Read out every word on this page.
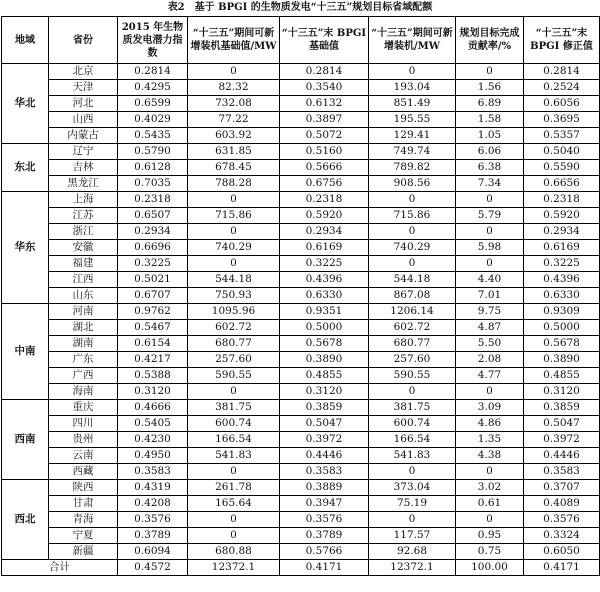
表2　基于 BPGI 的生物质发电“十三五”规划目标省域配额
地域	省份	2015 年生物质发电潜力指数	“十三五”期间可新增装机基础值/MW	“十三五”末 BPGI 基础值	“十三五”期间可新增装机/MW	规划目标完成贡献率/%	“十三五”末 BPGI 修正值
华北	北京	0.2814	0	0.2814	0	0	0.2814
	天津	0.4295	82.32	0.3540	193.04	1.56	0.2524
	河北	0.6599	732.08	0.6132	851.49	6.89	0.6056
	山西	0.4029	77.22	0.3897	195.55	1.58	0.3695
	内蒙古	0.5435	603.92	0.5072	129.41	1.05	0.5357
东北	辽宁	0.5790	631.85	0.5160	749.74	6.06	0.5040
	吉林	0.6128	678.45	0.5666	789.82	6.38	0.5590
	黑龙江	0.7035	788.28	0.6756	908.56	7.34	0.6656
华东	上海	0.2318	0	0.2318	0	0	0.2318
	江苏	0.6507	715.86	0.5920	715.86	5.79	0.5920
	浙江	0.2934	0	0.2934	0	0	0.2934
	安徽	0.6696	740.29	0.6169	740.29	5.98	0.6169
	福建	0.3225	0	0.3225	0	0	0.3225
	江西	0.5021	544.18	0.4396	544.18	4.40	0.4396
	山东	0.6707	750.93	0.6330	867.08	7.01	0.6330
中南	河南	0.9762	1095.96	0.9351	1206.14	9.75	0.9309
	湖北	0.5467	602.72	0.5000	602.72	4.87	0.5000
	湖南	0.6154	680.77	0.5678	680.77	5.50	0.5678
	广东	0.4217	257.60	0.3890	257.60	2.08	0.3890
	广西	0.5388	590.55	0.4855	590.55	4.77	0.4855
	海南	0.3120	0	0.3120	0	0	0.3120
西南	重庆	0.4666	381.75	0.3859	381.75	3.09	0.3859
	四川	0.5405	600.74	0.5047	600.74	4.86	0.5047
	贵州	0.4230	166.54	0.3972	166.54	1.35	0.3972
	云南	0.4950	541.83	0.4446	541.83	4.38	0.4446
	西藏	0.3583	0	0.3583	0	0	0.3583
西北	陕西	0.4319	261.78	0.3889	373.04	3.02	0.3707
	甘肃	0.4208	165.64	0.3947	75.19	0.61	0.4089
	青海	0.3576	0	0.3576	0	0	0.3576
	宁夏	0.3789	0	0.3789	117.57	0.95	0.3324
	新疆	0.6094	680.88	0.5766	92.68	0.75	0.6050
合计		0.4572	12372.1	0.4171	12372.1	100.00	0.4171
